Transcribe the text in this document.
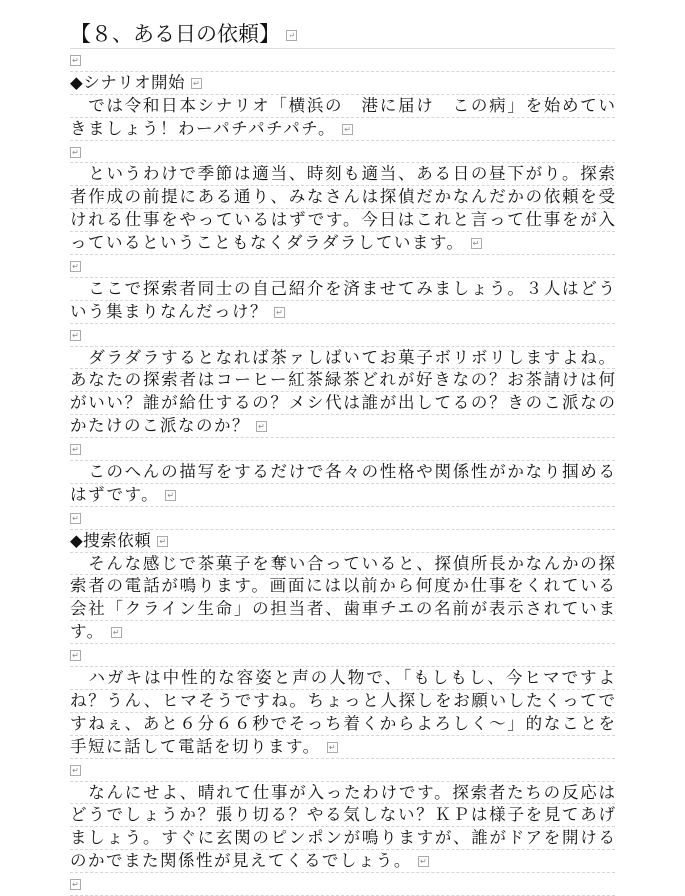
【８、ある日の依頼】 ↵
↵
◆シナリオ開始 ↵
　では令和日本シナリオ「横浜の　港に届け　この病」を始めてい
きましょう！わーパチパチパチ。 ↵
↵
　というわけで季節は適当、時刻も適当、ある日の昼下がり。探索
者作成の前提にある通り、みなさんは探偵だかなんだかの依頼を受
けれる仕事をやっているはずです。今日はこれと言って仕事をが入
っているということもなくダラダラしています。 ↵
↵
　ここで探索者同士の自己紹介を済ませてみましょう。３人はどう
いう集まりなんだっけ？ ↵
↵
　ダラダラするとなれば茶ァしばいてお菓子ボリボリしますよね。
あなたの探索者はコーヒー紅茶緑茶どれが好きなの？お茶請けは何
がいい？誰が給仕するの？メシ代は誰が出してるの？きのこ派なの
かたけのこ派なのか？ ↵
↵
　このへんの描写をするだけで各々の性格や関係性がかなり掴める
はずです。 ↵
↵
◆捜索依頼 ↵
　そんな感じで茶菓子を奪い合っていると、探偵所長かなんかの探
索者の電話が鳴ります。画面には以前から何度か仕事をくれている
会社「クライン生命」の担当者、歯車チエの名前が表示されていま
す。 ↵
↵
　ハガキは中性的な容姿と声の人物で、「もしもし、今ヒマですよ
ね？うん、ヒマそうですね。ちょっと人探しをお願いしたくってで
すねぇ、あと６分６６秒でそっち着くからよろしく～」的なことを
手短に話して電話を切ります。 ↵
↵
　なんにせよ、晴れて仕事が入ったわけです。探索者たちの反応は
どうでしょうか？張り切る？やる気しない？ＫＰは様子を見てあげ
ましょう。すぐに玄関のピンポンが鳴りますが、誰がドアを開ける
のかでまた関係性が見えてくるでしょう。 ↵
↵
